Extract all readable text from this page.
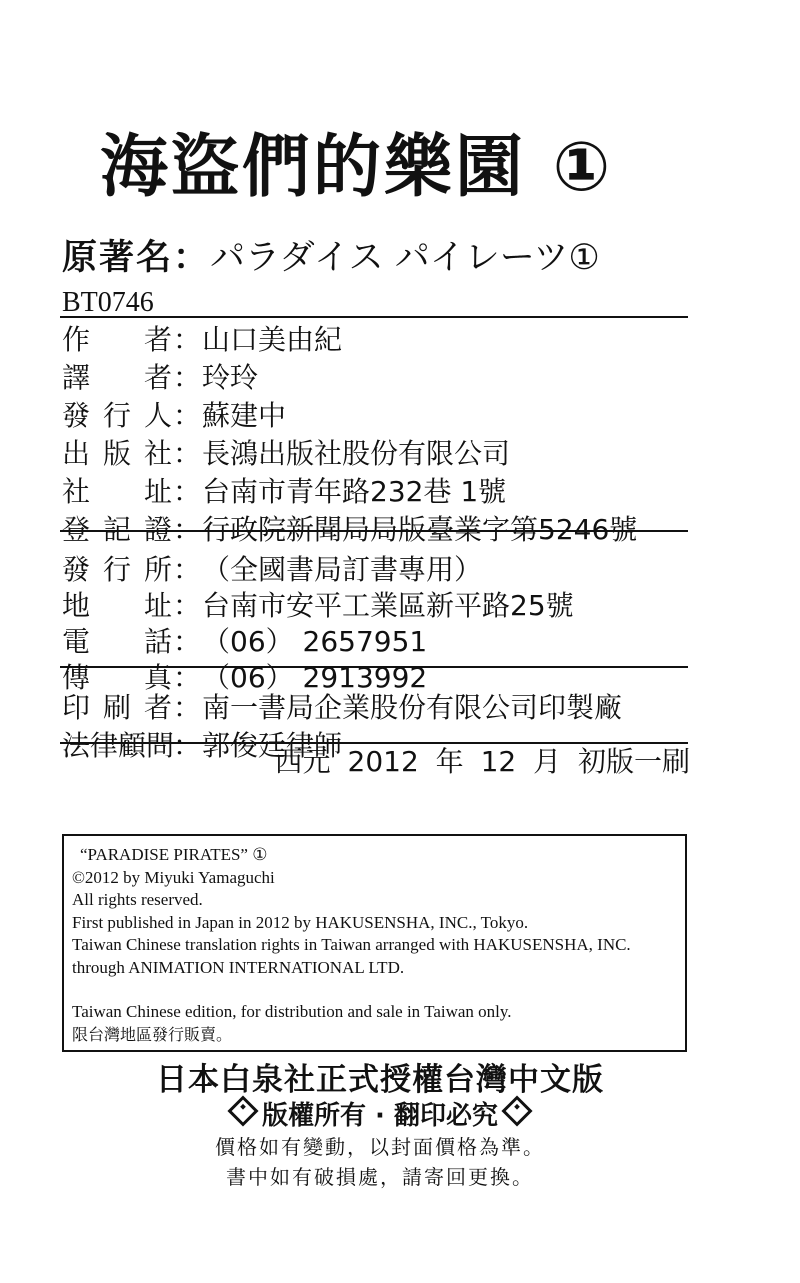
海盜們的樂園 ①
原著名：パラダイス パイレーツ①
BT0746
作 者 ： 山口美由紀
譯 者 ： 玲玲
發 行 人 ： 蘇建中
出 版 社 ： 長鴻出版社股份有限公司
社 址 ： 台南市青年路232巷 1號
登 記 證 ： 行政院新聞局局版臺業字第5246號
發 行 所 ： （全國書局訂書專用）
地 址 ： 台南市安平工業區新平路25號
電 話 ： （06） 2657951
傳 真 ： （06） 2913992
印 刷 者 ： 南一書局企業股份有限公司印製廠
法 律 顧 問
： 郭俊廷律師
西元 2012 年 12 月 初版一刷
“PARADISE PIRATES” ①
©2012 by Miyuki Yamaguchi
All rights reserved.
First published in Japan in 2012 by HAKUSENSHA, INC., Tokyo.
Taiwan Chinese translation rights in Taiwan arranged with HAKUSENSHA, INC.
through ANIMATION INTERNATIONAL LTD.
Taiwan Chinese edition, for distribution and sale in Taiwan only.
限台灣地區發行販賣。
日本白泉社正式授權台灣中文版
版權所有 · 翻印必究
價格如有變動，以封面價格為準。
書中如有破損處，請寄回更換。
